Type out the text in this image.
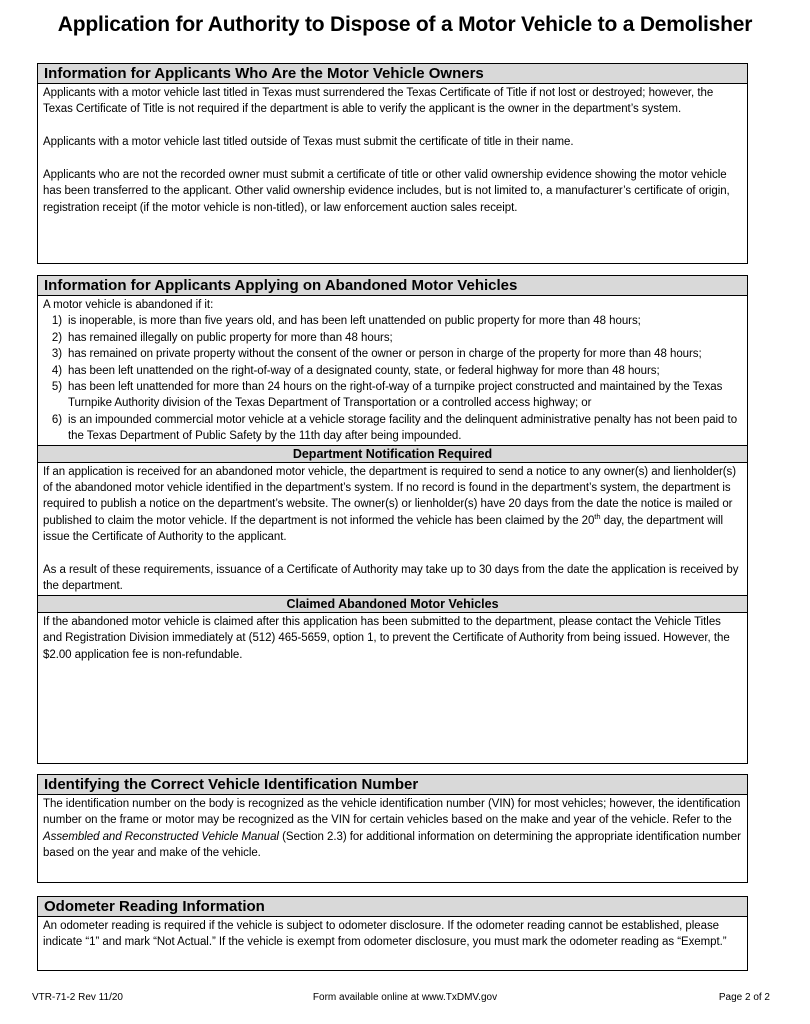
Application for Authority to Dispose of a Motor Vehicle to a Demolisher
Information for Applicants Who Are the Motor Vehicle Owners

Applicants with a motor vehicle last titled in Texas must surrendered the Texas Certificate of Title if not lost or destroyed; however, the Texas Certificate of Title is not required if the department is able to verify the applicant is the owner in the department’s system.

Applicants with a motor vehicle last titled outside of Texas must submit the certificate of title in their name.

Applicants who are not the recorded owner must submit a certificate of title or other valid ownership evidence showing the motor vehicle has been transferred to the applicant. Other valid ownership evidence includes, but is not limited to, a manufacturer’s certificate of origin, registration receipt (if the motor vehicle is non-titled), or law enforcement auction sales receipt.

Information for Applicants Applying on Abandoned Motor Vehicles

A motor vehicle is abandoned if it:

1) is inoperable, is more than five years old, and has been left unattended on public property for more than 48 hours;
2) has remained illegally on public property for more than 48 hours;
3) has remained on private property without the consent of the owner or person in charge of the property for more than 48 hours;
4) has been left unattended on the right-of-way of a designated county, state, or federal highway for more than 48 hours;
5) has been left unattended for more than 24 hours on the right-of-way of a turnpike project constructed and maintained by the Texas Turnpike Authority division of the Texas Department of Transportation or a controlled access highway; or
6) is an impounded commercial motor vehicle at a vehicle storage facility and the delinquent administrative penalty has not been paid to the Texas Department of Public Safety by the 11th day after being impounded.
Department Notification Required

If an application is received for an abandoned motor vehicle, the department is required to send a notice to any owner(s) and lienholder(s) of the abandoned motor vehicle identified in the department’s system. If no record is found in the department’s system, the department is required to publish a notice on the department’s website. The owner(s) or lienholder(s) have 20 days from the date the notice is mailed or published to claim the motor vehicle. If the department is not informed the vehicle has been claimed by the 20th day, the department will issue the Certificate of Authority to the applicant.

As a result of these requirements, issuance of a Certificate of Authority may take up to 30 days from the date the application is received by the department.

Claimed Abandoned Motor Vehicles

If the abandoned motor vehicle is claimed after this application has been submitted to the department, please contact the Vehicle Titles and Registration Division immediately at (512) 465-5659, option 1, to prevent the Certificate of Authority from being issued. However, the $2.00 application fee is non-refundable.

Identifying the Correct Vehicle Identification Number

The identification number on the body is recognized as the vehicle identification number (VIN) for most vehicles; however, the identification number on the frame or motor may be recognized as the VIN for certain vehicles based on the make and year of the vehicle. Refer to the Assembled and Reconstructed Vehicle Manual (Section 2.3) for additional information on determining the appropriate identification number based on the year and make of the vehicle.

Odometer Reading Information

An odometer reading is required if the vehicle is subject to odometer disclosure. If the odometer reading cannot be established, please indicate “1” and mark “Not Actual.” If the vehicle is exempt from odometer disclosure, you must mark the odometer reading as “Exempt.”

VTR-71-2 Rev 11/20	Form available online at www.TxDMV.gov	Page 2 of 2
